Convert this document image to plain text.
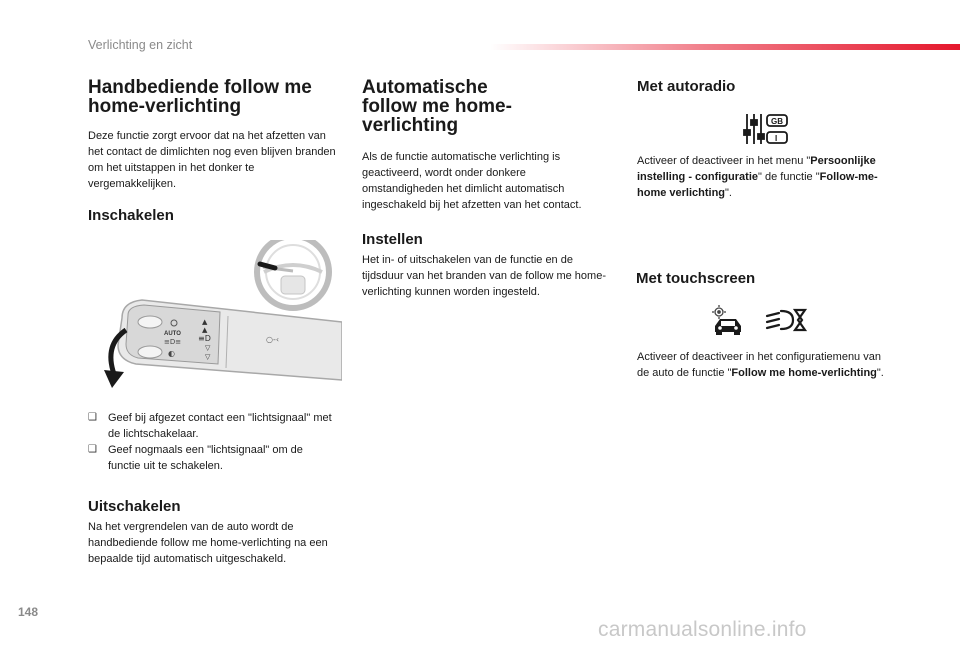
Verlichting en zicht
Handbediende follow me home-verlichting

Deze functie zorgt ervoor dat na het afzetten van het contact de dimlichten nog even blijven branden om het uitstappen in het donker te vergemakkelijken.

Inschakelen
AUTO
≡D≡
◐
▲
▲
≡D
▽
▽
○-‹
❑ Geef bij afgezet contact een "lichtsignaal" met de lichtschakelaar.
❑ Geef nogmaals een "lichtsignaal" om de functie uit te schakelen.
Uitschakelen

Na het vergrendelen van de auto wordt de handbediende follow me home-verlichting na een bepaalde tijd automatisch uitgeschakeld.

Automatische follow me home-verlichting

Als de functie automatische verlichting is geactiveerd, wordt onder donkere omstandigheden het dimlicht automatisch ingeschakeld bij het afzetten van het contact.

Instellen

Het in- of uitschakelen van de functie en de tijdsduur van het branden van de follow me home-verlichting kunnen worden ingesteld.

Met autoradio
GB
I

Activeer of deactiveer in het menu "Persoonlijke instelling - configuratie" de functie "Follow-me-home verlichting".

Met touchscreen

Activeer of deactiveer in het configuratiemenu van de auto de functie "Follow me home-verlichting".

148
carmanualsonline.info
